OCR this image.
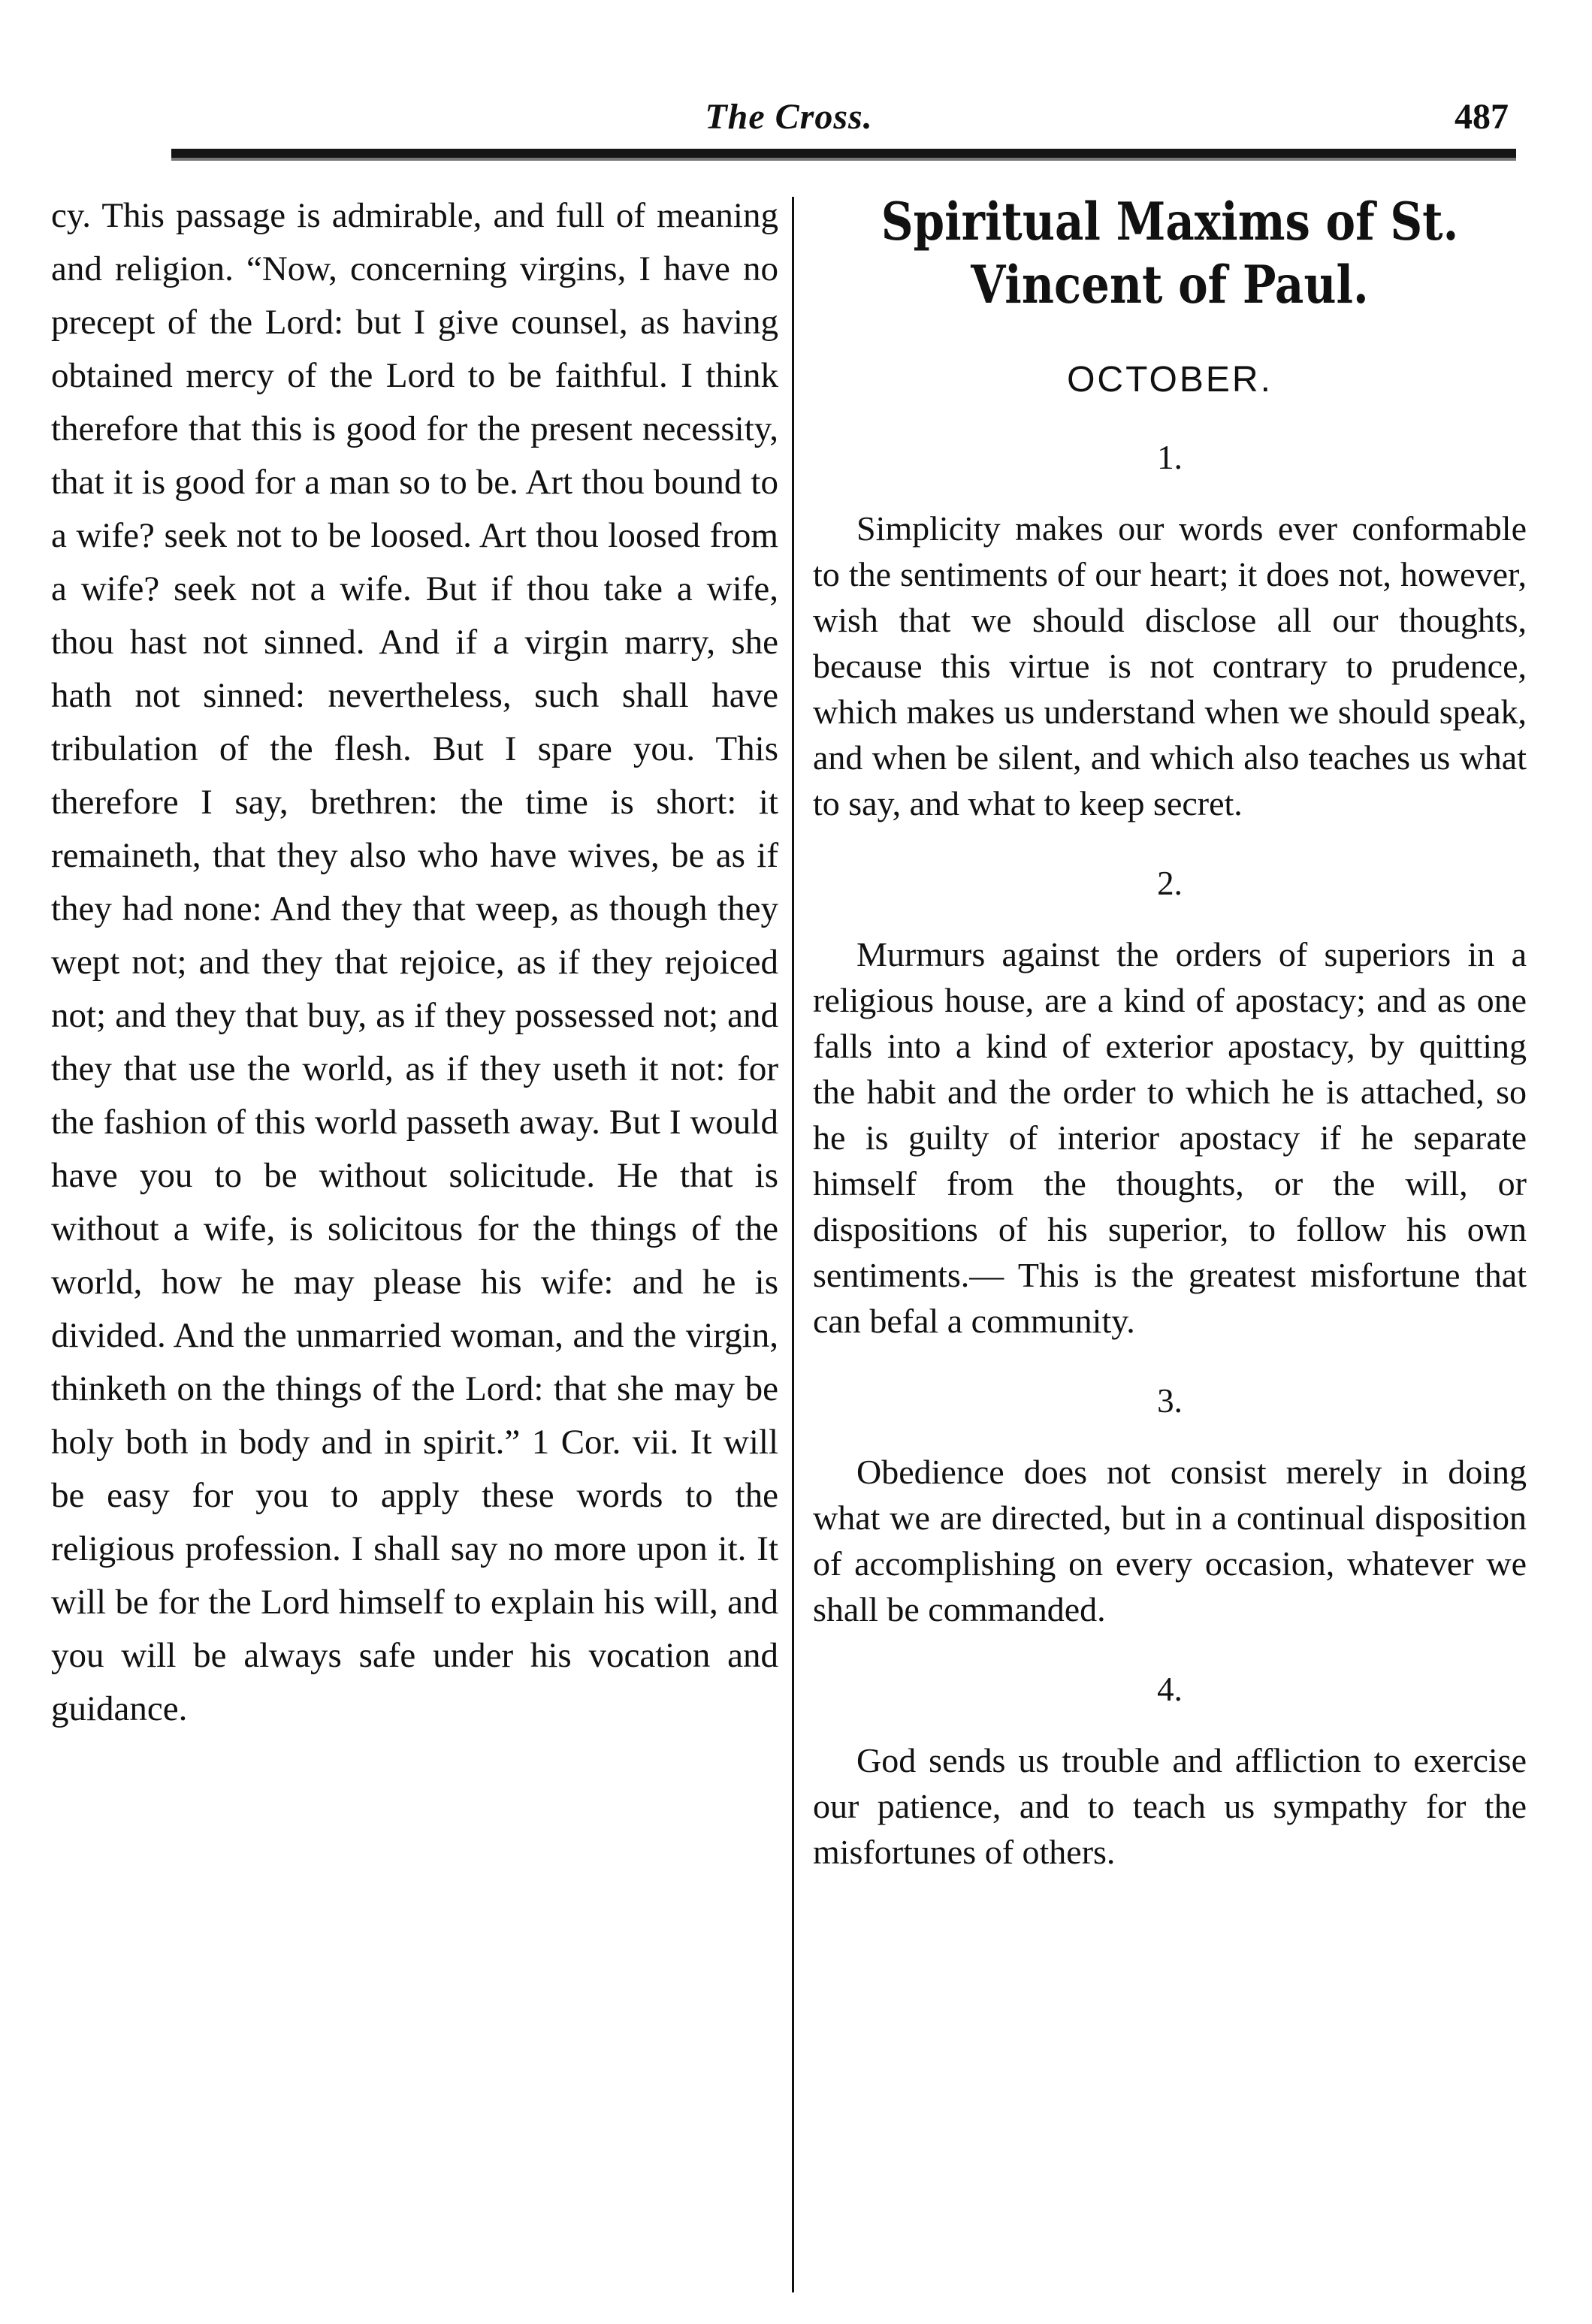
The Cross.	487

cy. This passage is admirable, and full of meaning and religion. “Now, concerning virgins, I have no precept of the Lord: but I give counsel, as having obtained mercy of the Lord to be faithful. I think therefore that this is good for the present necessity, that it is good for a man so to be. Art thou bound to a wife? seek not to be loosed. Art thou loosed from a wife? seek not a wife. But if thou take a wife, thou hast not sinned. And if a virgin marry, she hath not sinned: nevertheless, such shall have tribulation of the flesh. But I spare you. This therefore I say, brethren: the time is short: it remaineth, that they also who have wives, be as if they had none: And they that weep, as though they wept not; and they that rejoice, as if they rejoiced not; and they that buy, as if they possessed not; and they that use the world, as if they useth it not: for the fashion of this world passeth away. But I would have you to be without solicitude. He that is without a wife, is solicitous for the things of the world, how he may please his wife: and he is divided. And the unmarried woman, and the virgin, thinketh on the things of the Lord: that she may be holy both in body and in spirit.” 1 Cor. vii. It will be easy for you to apply these words to the religious profession. I shall say no more upon it. It will be for the Lord himself to explain his will, and you will be always safe under his vocation and guidance.

Spiritual Maxims of St. Vincent of Paul.
OCTOBER.
1.

Simplicity makes our words ever conformable to the sentiments of our heart; it does not, however, wish that we should disclose all our thoughts, because this virtue is not contrary to prudence, which makes us understand when we should speak, and when be silent, and which also teaches us what to say, and what to keep secret.

2.

Murmurs against the orders of superiors in a religious house, are a kind of apostacy; and as one falls into a kind of exterior apostacy, by quitting the habit and the order to which he is attached, so he is guilty of interior apostacy if he separate himself from the thoughts, or the will, or dispositions of his superior, to follow his own sentiments.— This is the greatest misfortune that can befal a community.

3.

Obedience does not consist merely in doing what we are directed, but in a continual disposition of accomplishing on every occasion, whatever we shall be commanded.

4.

God sends us trouble and affliction to exercise our patience, and to teach us sympathy for the misfortunes of others.
